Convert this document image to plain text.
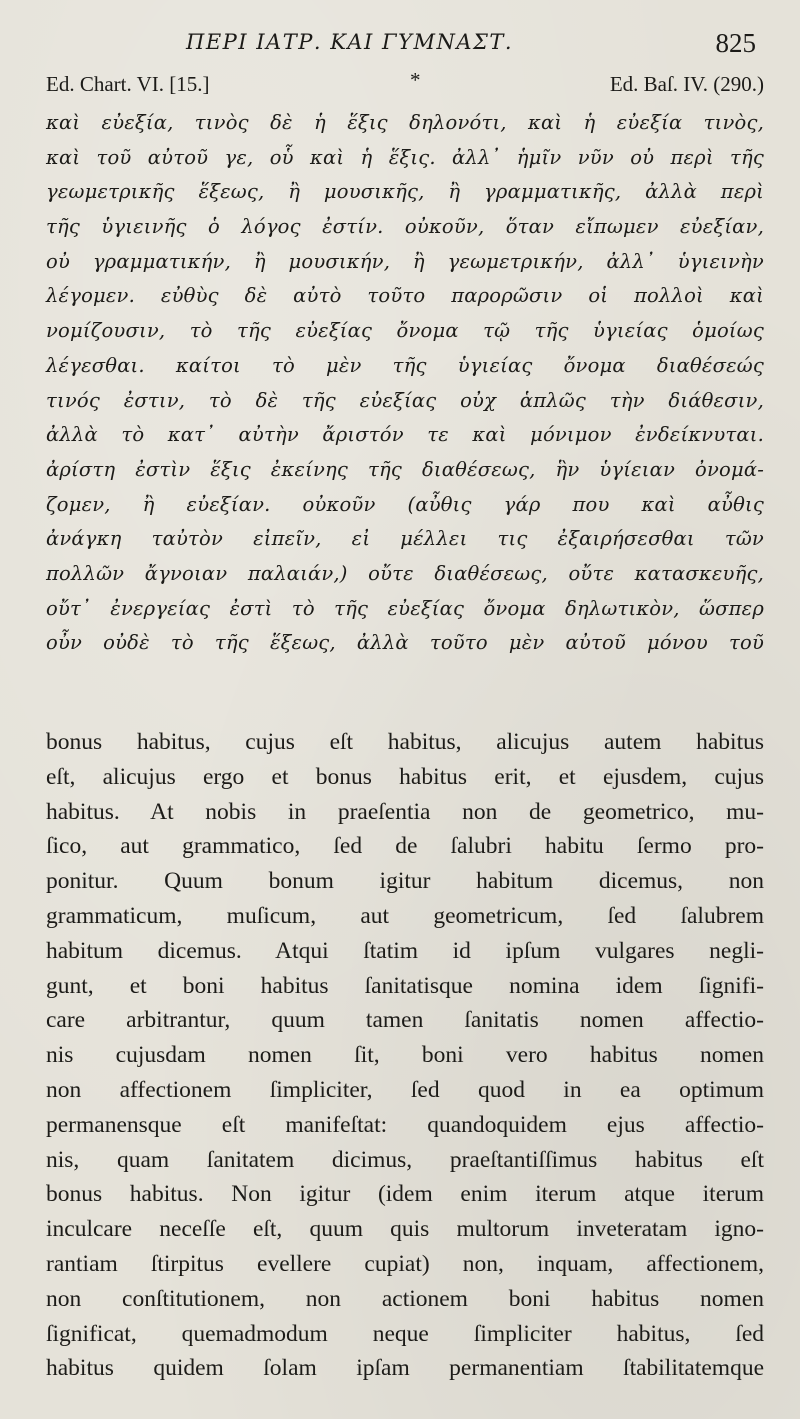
ΠΕΡΙ ΙΑΤΡ. ΚΑΙ ΓΥΜΝΑΣΤ.	825
Ed. Chart. VI. [15.]	*	Ed. Baſ. IV. (290.)
καὶ εὐεξία, τινὸς δὲ ἡ ἕξις δηλονότι, καὶ ἡ εὐεξία τινὸς,
καὶ τοῦ αὐτοῦ γε, οὗ καὶ ἡ ἕξις. ἀλλ᾽ ἡμῖν νῦν οὐ περὶ τῆς
γεωμετρικῆς ἕξεως, ἢ μουσικῆς, ἢ γραμματικῆς, ἀλλὰ περὶ
τῆς ὑγιεινῆς ὁ λόγος ἐστίν. οὐκοῦν, ὅταν εἴπωμεν εὐεξίαν,
οὐ γραμματικήν, ἢ μουσικήν, ἢ γεωμετρικήν, ἀλλ᾽ ὑγιεινὴν
λέγομεν. εὐθὺς δὲ αὐτὸ τοῦτο παρορῶσιν οἱ πολλοὶ καὶ
νομίζουσιν, τὸ τῆς εὐεξίας ὄνομα τῷ τῆς ὑγιείας ὁμοίως
λέγεσθαι. καίτοι τὸ μὲν τῆς ὑγιείας ὄνομα διαθέσεώς
τινός ἐστιν, τὸ δὲ τῆς εὐεξίας οὐχ ἁπλῶς τὴν διάθεσιν,
ἀλλὰ τὸ κατ᾽ αὐτὴν ἄριστόν τε καὶ μόνιμον ἐνδείκνυται.
ἀρίστη ἐστὶν ἕξις ἐκείνης τῆς διαθέσεως, ἣν ὑγίειαν ὀνομά-
ζομεν, ἢ εὐεξίαν. οὐκοῦν (αὖθις γάρ που καὶ αὖθις
ἀνάγκη ταὐτὸν εἰπεῖν, εἰ μέλλει τις ἐξαιρήσεσθαι τῶν
πολλῶν ἄγνοιαν παλαιάν,) οὔτε διαθέσεως, οὔτε κατασκευῆς,
οὔτ᾽ ἐνεργείας ἐστὶ τὸ τῆς εὐεξίας ὄνομα δηλωτικὸν, ὥσπερ
οὖν οὐδὲ τὸ τῆς ἕξεως, ἀλλὰ τοῦτο μὲν αὐτοῦ μόνου τοῦ
bonus habitus, cujus eſt habitus, alicujus autem habitus
eſt, alicujus ergo et bonus habitus erit, et ejusdem, cujus
habitus. At nobis in praeſentia non de geometrico, mu-
ſico, aut grammatico, ſed de ſalubri habitu ſermo pro-
ponitur. Quum bonum igitur habitum dicemus, non
grammaticum, muſicum, aut geometricum, ſed ſalubrem
habitum dicemus. Atqui ſtatim id ipſum vulgares negli-
gunt, et boni habitus ſanitatisque nomina idem ſignifi-
care arbitrantur, quum tamen ſanitatis nomen affectio-
nis cujusdam nomen ſit, boni vero habitus nomen
non affectionem ſimpliciter, ſed quod in ea optimum
permanensque eſt manifeſtat: quandoquidem ejus affectio-
nis, quam ſanitatem dicimus, praeſtantiſſimus habitus eſt
bonus habitus. Non igitur (idem enim iterum atque iterum
inculcare neceſſe eſt, quum quis multorum inveteratam igno-
rantiam ſtirpitus evellere cupiat) non, inquam, affectionem,
non conſtitutionem, non actionem boni habitus nomen
ſignificat, quemadmodum neque ſimpliciter habitus, ſed
habitus quidem ſolam ipſam permanentiam ſtabilitatemque
